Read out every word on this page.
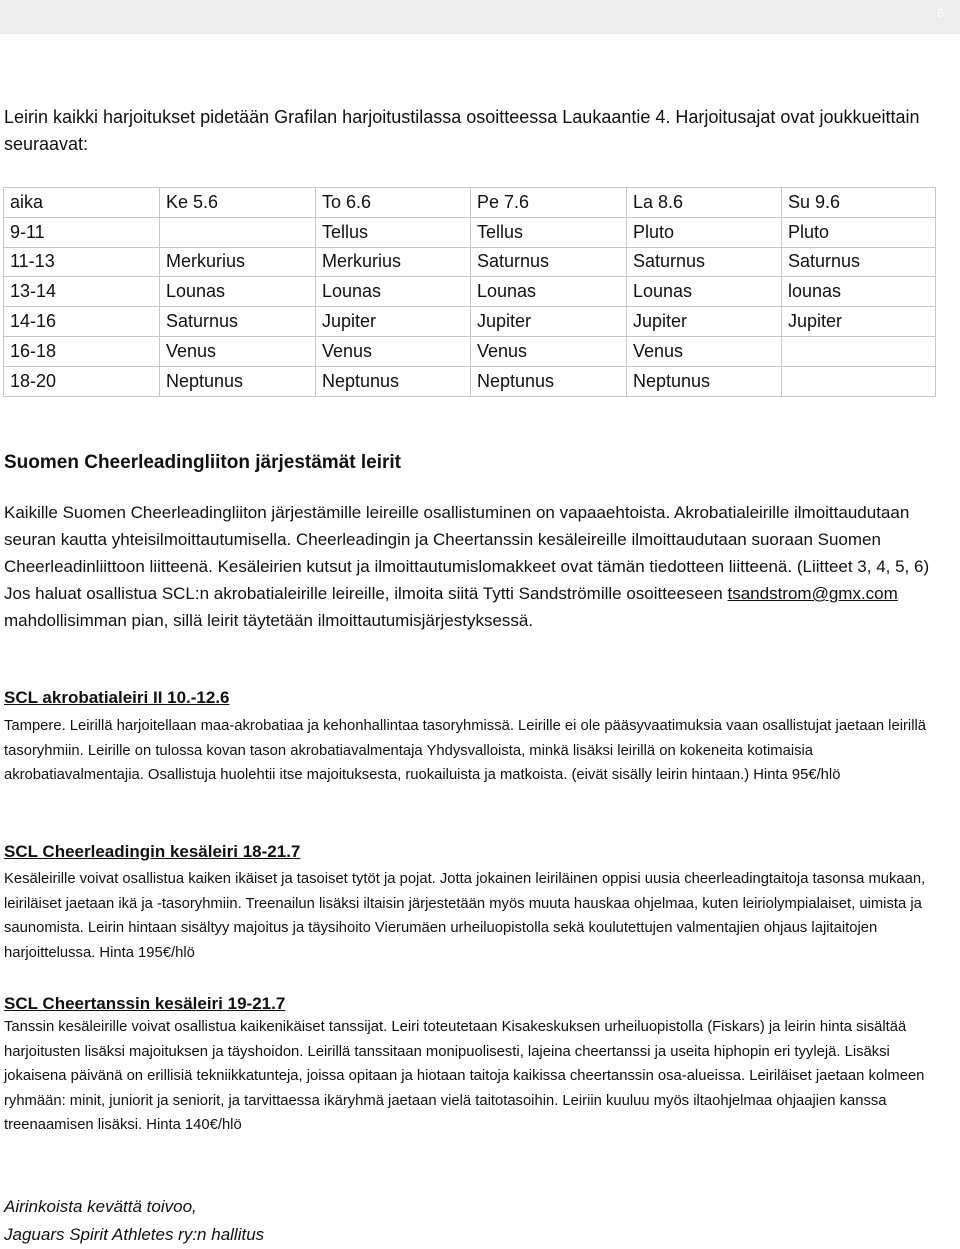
6

Leirin kaikki harjoitukset pidetään Grafilan harjoitustilassa osoitteessa Laukaantie 4. Harjoitusajat ovat joukkueittain seuraavat:

aika	Ke 5.6	To 6.6	Pe 7.6	La 8.6	Su 9.6
9-11		Tellus	Tellus	Pluto	Pluto
11-13	Merkurius	Merkurius	Saturnus	Saturnus	Saturnus
13-14	Lounas	Lounas	Lounas	Lounas	lounas
14-16	Saturnus	Jupiter	Jupiter	Jupiter	Jupiter
16-18	Venus	Venus	Venus	Venus	
18-20	Neptunus	Neptunus	Neptunus	Neptunus	
Suomen Cheerleadingliiton järjestämät leirit

Kaikille Suomen Cheerleadingliiton järjestämille leireille osallistuminen on vapaaehtoista. Akrobatialeirille ilmoittaudutaan seuran kautta yhteisilmoittautumisella. Cheerleadingin ja Cheertanssin kesäleireille ilmoittaudutaan suoraan Suomen Cheerleadinliittoon liitteenä. Kesäleirien kutsut ja ilmoittautumislomakkeet ovat tämän tiedotteen liitteenä. (Liitteet 3, 4, 5, 6) Jos haluat osallistua SCL:n akrobatialeirille leireille, ilmoita siitä Tytti Sandströmille osoitteeseen tsandstrom@gmx.com mahdollisimman pian, sillä leirit täytetään ilmoittautumisjärjestyksessä.

SCL akrobatialeiri II 10.-12.6

Tampere. Leirillä harjoitellaan maa-akrobatiaa ja kehonhallintaa tasoryhmissä. Leirille ei ole pääsyvaatimuksia vaan osallistujat jaetaan leirillä tasoryhmiin. Leirille on tulossa kovan tason akrobatiavalmentaja Yhdysvalloista, minkä lisäksi leirillä on kokeneita kotimaisia akrobatiavalmentajia. Osallistuja huolehtii itse majoituksesta, ruokailuista ja matkoista. (eivät sisälly leirin hintaan.) Hinta 95€/hlö

SCL Cheerleadingin kesäleiri 18-21.7

Kesäleirille voivat osallistua kaiken ikäiset ja tasoiset tytöt ja pojat. Jotta jokainen leiriläinen oppisi uusia cheerleadingtaitoja tasonsa mukaan, leiriläiset jaetaan ikä ja -tasoryhmiin. Treenailun lisäksi iltaisin järjestetään myös muuta hauskaa ohjelmaa, kuten leiriolympialaiset, uimista ja saunomista. Leirin hintaan sisältyy majoitus ja täysihoito Vierumäen urheiluopistolla sekä koulutettujen valmentajien ohjaus lajitaitojen harjoittelussa. Hinta 195€/hlö

SCL Cheertanssin kesäleiri 19-21.7

Tanssin kesäleirille voivat osallistua kaikenikäiset tanssijat. Leiri toteutetaan Kisakeskuksen urheiluopistolla (Fiskars) ja leirin hinta sisältää harjoitusten lisäksi majoituksen ja täyshoidon. Leirillä tanssitaan monipuolisesti, lajeina cheertanssi ja useita hiphopin eri tyylejä. Lisäksi jokaisena päivänä on erillisiä tekniikkatunteja, joissa opitaan ja hiotaan taitoja kaikissa cheertanssin osa-alueissa. Leiriläiset jaetaan kolmeen ryhmään: minit, juniorit ja seniorit, ja tarvittaessa ikäryhmä jaetaan vielä taitotasoihin. Leiriin kuuluu myös iltaohjelmaa ohjaajien kanssa treenaamisen lisäksi. Hinta 140€/hlö

Airinkoista kevättä toivoo,
Jaguars Spirit Athletes ry:n hallitus
